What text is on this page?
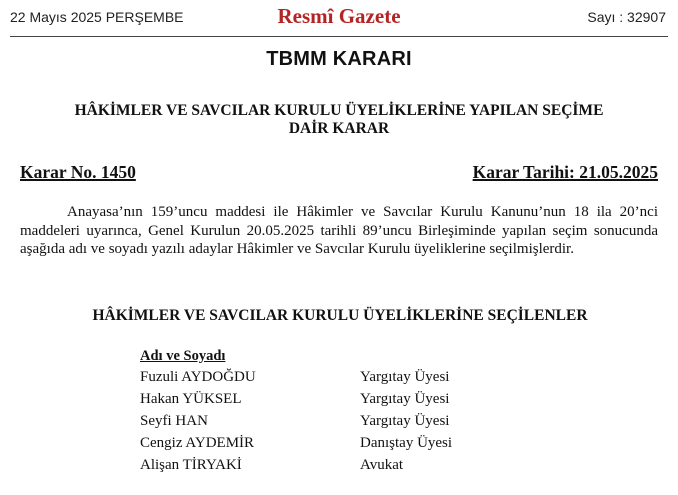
22 Mayıs 2025 PERŞEMBE	Resmî Gazete	Sayı : 32907
TBMM KARARI
HÂKİMLER VE SAVCILAR KURULU ÜYELİKLERİNE YAPILAN SEÇİME
DAİR KARAR
Karar No. 1450	Karar Tarihi: 21.05.2025
Anayasa’nın 159’uncu maddesi ile Hâkimler ve Savcılar Kurulu Kanunu’nun 18 ila 20’nci maddeleri uyarınca, Genel Kurulun 20.05.2025 tarihli 89’uncu Birleşiminde yapılan seçim sonucunda aşağıda adı ve soyadı yazılı adaylar Hâkimler ve Savcılar Kurulu üyeliklerine seçilmişlerdir.
HÂKİMLER VE SAVCILAR KURULU ÜYELİKLERİNE SEÇİLENLER
Adı ve Soyadı
Fuzuli AYDOĞDU	Yargıtay Üyesi
Hakan YÜKSEL	Yargıtay Üyesi
Seyfi HAN	Yargıtay Üyesi
Cengiz AYDEMİR	Danıştay Üyesi
Alişan TİRYAKİ	Avukat
